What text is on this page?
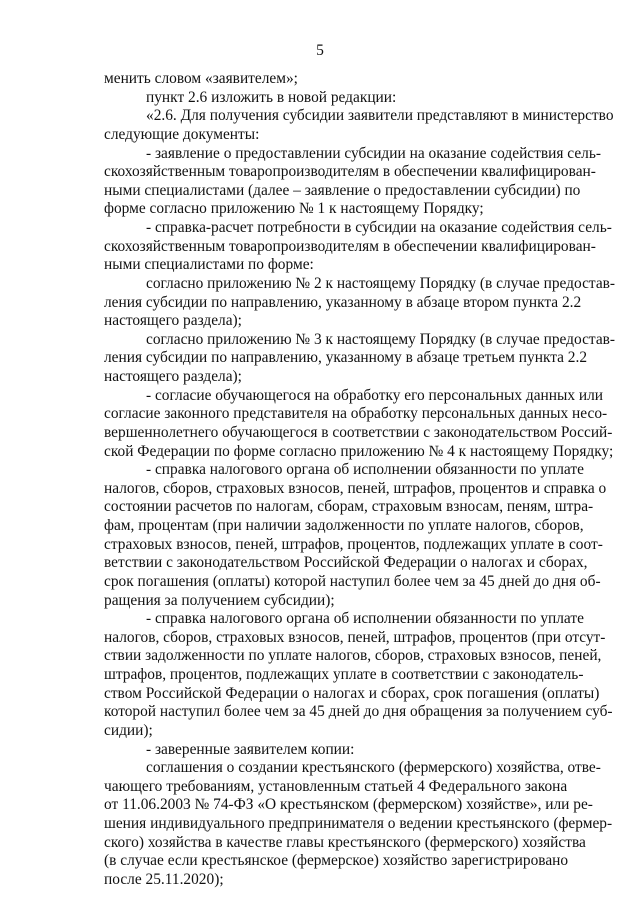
5
менить словом «заявителем»;
пункт 2.6 изложить в новой редакции:
«2.6. Для получения субсидии заявители представляют в министерство
следующие документы:
- заявление о предоставлении субсидии на оказание содействия сель-
скохозяйственным товаропроизводителям в обеспечении квалифицирован-
ными специалистами (далее – заявление о предоставлении субсидии) по
форме согласно приложению № 1 к настоящему Порядку;
- справка-расчет потребности в субсидии на оказание содействия сель-
скохозяйственным товаропроизводителям в обеспечении квалифицирован-
ными специалистами по форме:
согласно приложению № 2 к настоящему Порядку (в случае предостав-
ления субсидии по направлению, указанному в абзаце втором пункта 2.2
настоящего раздела);
согласно приложению № 3 к настоящему Порядку (в случае предостав-
ления субсидии по направлению, указанному в абзаце третьем пункта 2.2
настоящего раздела);
- согласие обучающегося на обработку его персональных данных или
согласие законного представителя на обработку персональных данных несо-
вершеннолетнего обучающегося в соответствии с законодательством Россий-
ской Федерации по форме согласно приложению № 4 к настоящему Порядку;
- справка налогового органа об исполнении обязанности по уплате
налогов, сборов, страховых взносов, пеней, штрафов, процентов и справка о
состоянии расчетов по налогам, сборам, страховым взносам, пеням, штра-
фам, процентам (при наличии задолженности по уплате налогов, сборов,
страховых взносов, пеней, штрафов, процентов, подлежащих уплате в соот-
ветствии с законодательством Российской Федерации о налогах и сборах,
срок погашения (оплаты) которой наступил более чем за 45 дней до дня об-
ращения за получением субсидии);
- справка налогового органа об исполнении обязанности по уплате
налогов, сборов, страховых взносов, пеней, штрафов, процентов (при отсут-
ствии задолженности по уплате налогов, сборов, страховых взносов, пеней,
штрафов, процентов, подлежащих уплате в соответствии с законодатель-
ством Российской Федерации о налогах и сборах, срок погашения (оплаты)
которой наступил более чем за 45 дней до дня обращения за получением суб-
сидии);
- заверенные заявителем копии:
соглашения о создании крестьянского (фермерского) хозяйства, отве-
чающего требованиям, установленным статьей 4 Федерального закона
от 11.06.2003 № 74-ФЗ «О крестьянском (фермерском) хозяйстве», или ре-
шения индивидуального предпринимателя о ведении крестьянского (фермер-
ского) хозяйства в качестве главы крестьянского (фермерского) хозяйства
(в случае если крестьянское (фермерское) хозяйство зарегистрировано
после 25.11.2020);
